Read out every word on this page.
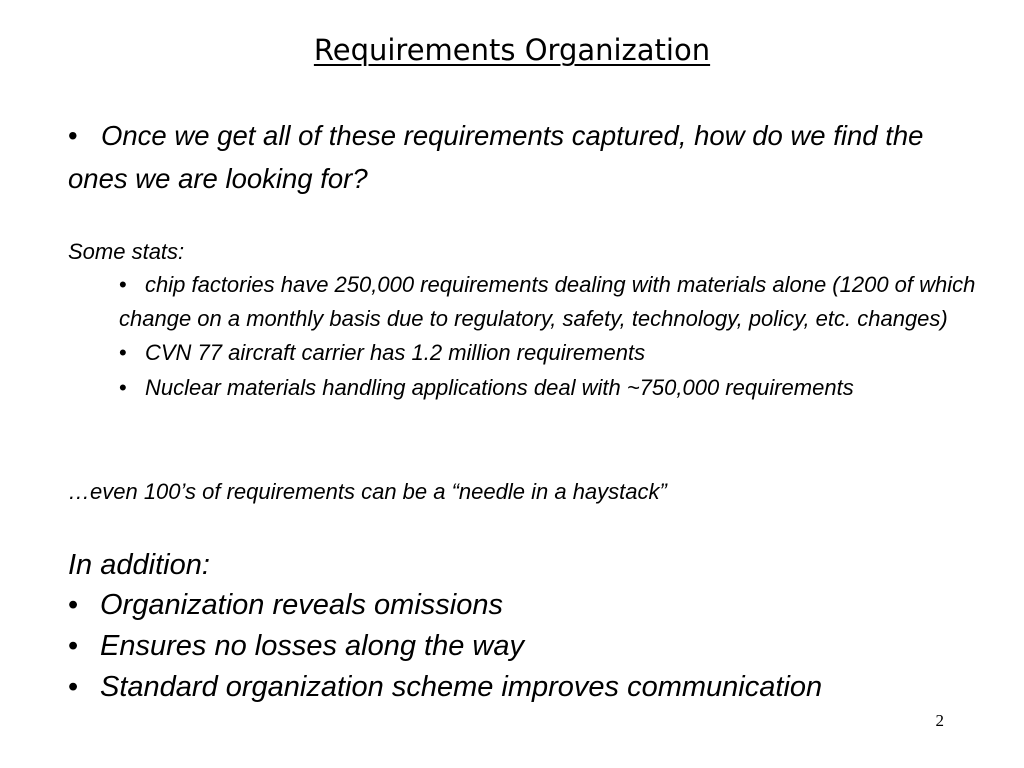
Requirements Organization

• Once we get all of these requirements captured, how do we find the ones we are looking for?

Some stats:

• chip factories have 250,000 requirements dealing with materials alone (1200 of which change on a monthly basis due to regulatory, safety, technology, policy, etc. changes)
• CVN 77 aircraft carrier has 1.2 million requirements
• Nuclear materials handling applications deal with ~750,000 requirements

…even 100’s of requirements can be a “needle in a haystack”

In addition:

• Organization reveals omissions
• Ensures no losses along the way
• Standard organization scheme improves communication
2
